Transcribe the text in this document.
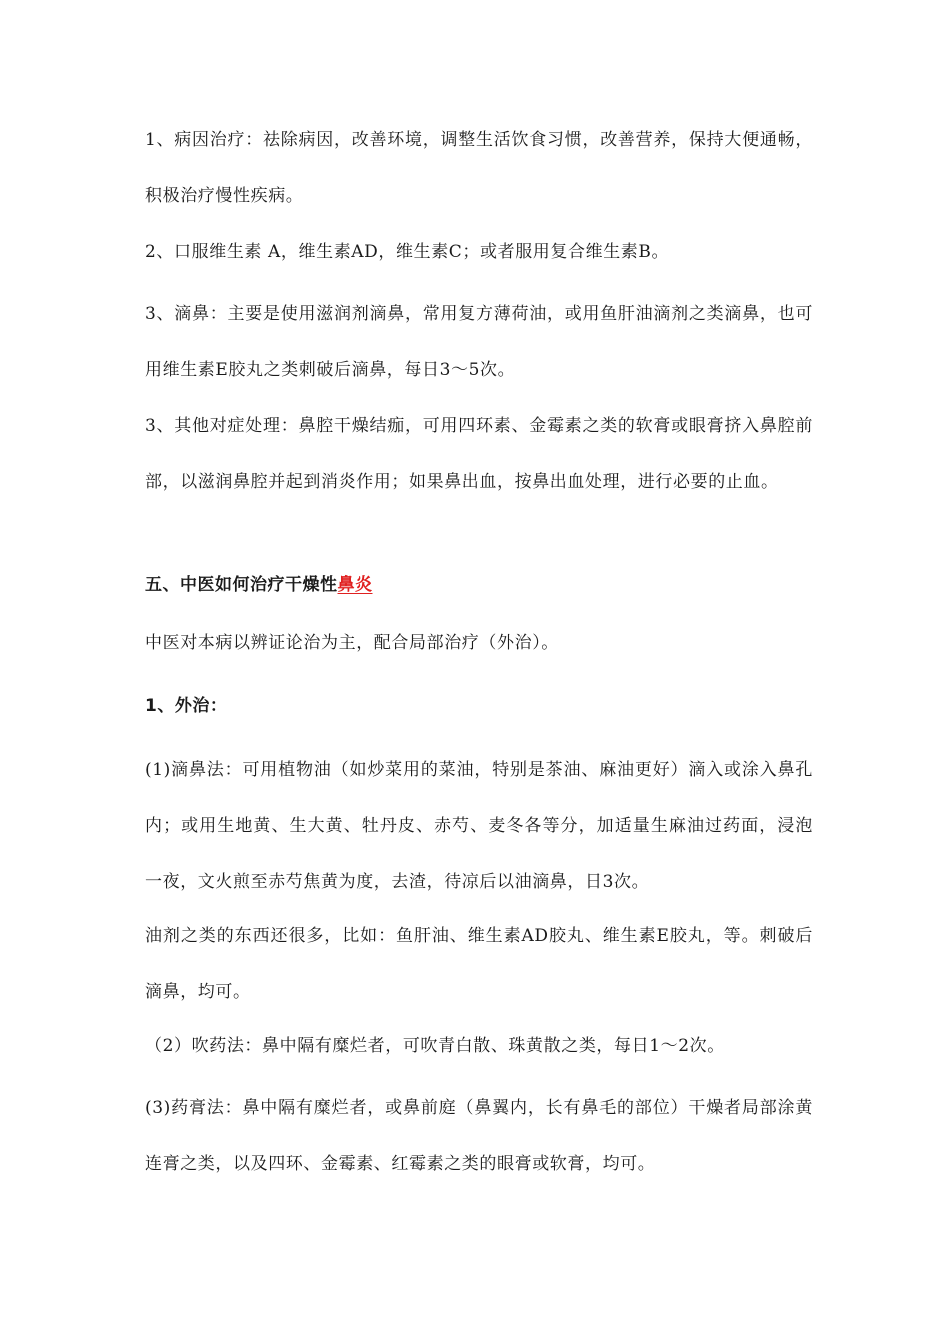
1、病因治疗：祛除病因，改善环境，调整生活饮食习惯，改善营养，保持大便通畅，积极治疗慢性疾病。

2、口服维生素 A，维生素AD，维生素C；或者服用复合维生素B。

3、滴鼻：主要是使用滋润剂滴鼻，常用复方薄荷油，或用鱼肝油滴剂之类滴鼻，也可用维生素E胶丸之类刺破后滴鼻，每日3～5次。

3、其他对症处理：鼻腔干燥结痂，可用四环素、金霉素之类的软膏或眼膏挤入鼻腔前部，以滋润鼻腔并起到消炎作用；如果鼻出血，按鼻出血处理，进行必要的止血。

五、中医如何治疗干燥性鼻炎

中医对本病以辨证论治为主，配合局部治疗（外治）。

1、外治：

(1)滴鼻法：可用植物油（如炒菜用的菜油，特别是茶油、麻油更好）滴入或涂入鼻孔内；或用生地黄、生大黄、牡丹皮、赤芍、麦冬各等分，加适量生麻油过药面，浸泡一夜，文火煎至赤芍焦黄为度，去渣，待凉后以油滴鼻，日3次。

油剂之类的东西还很多，比如：鱼肝油、维生素AD胶丸、维生素E胶丸，等。刺破后滴鼻，均可。

（2）吹药法：鼻中隔有糜烂者，可吹青白散、珠黄散之类，每日1～2次。

(3)药膏法：鼻中隔有糜烂者，或鼻前庭（鼻翼内，长有鼻毛的部位）干燥者局部涂黄连膏之类，以及四环、金霉素、红霉素之类的眼膏或软膏，均可。
